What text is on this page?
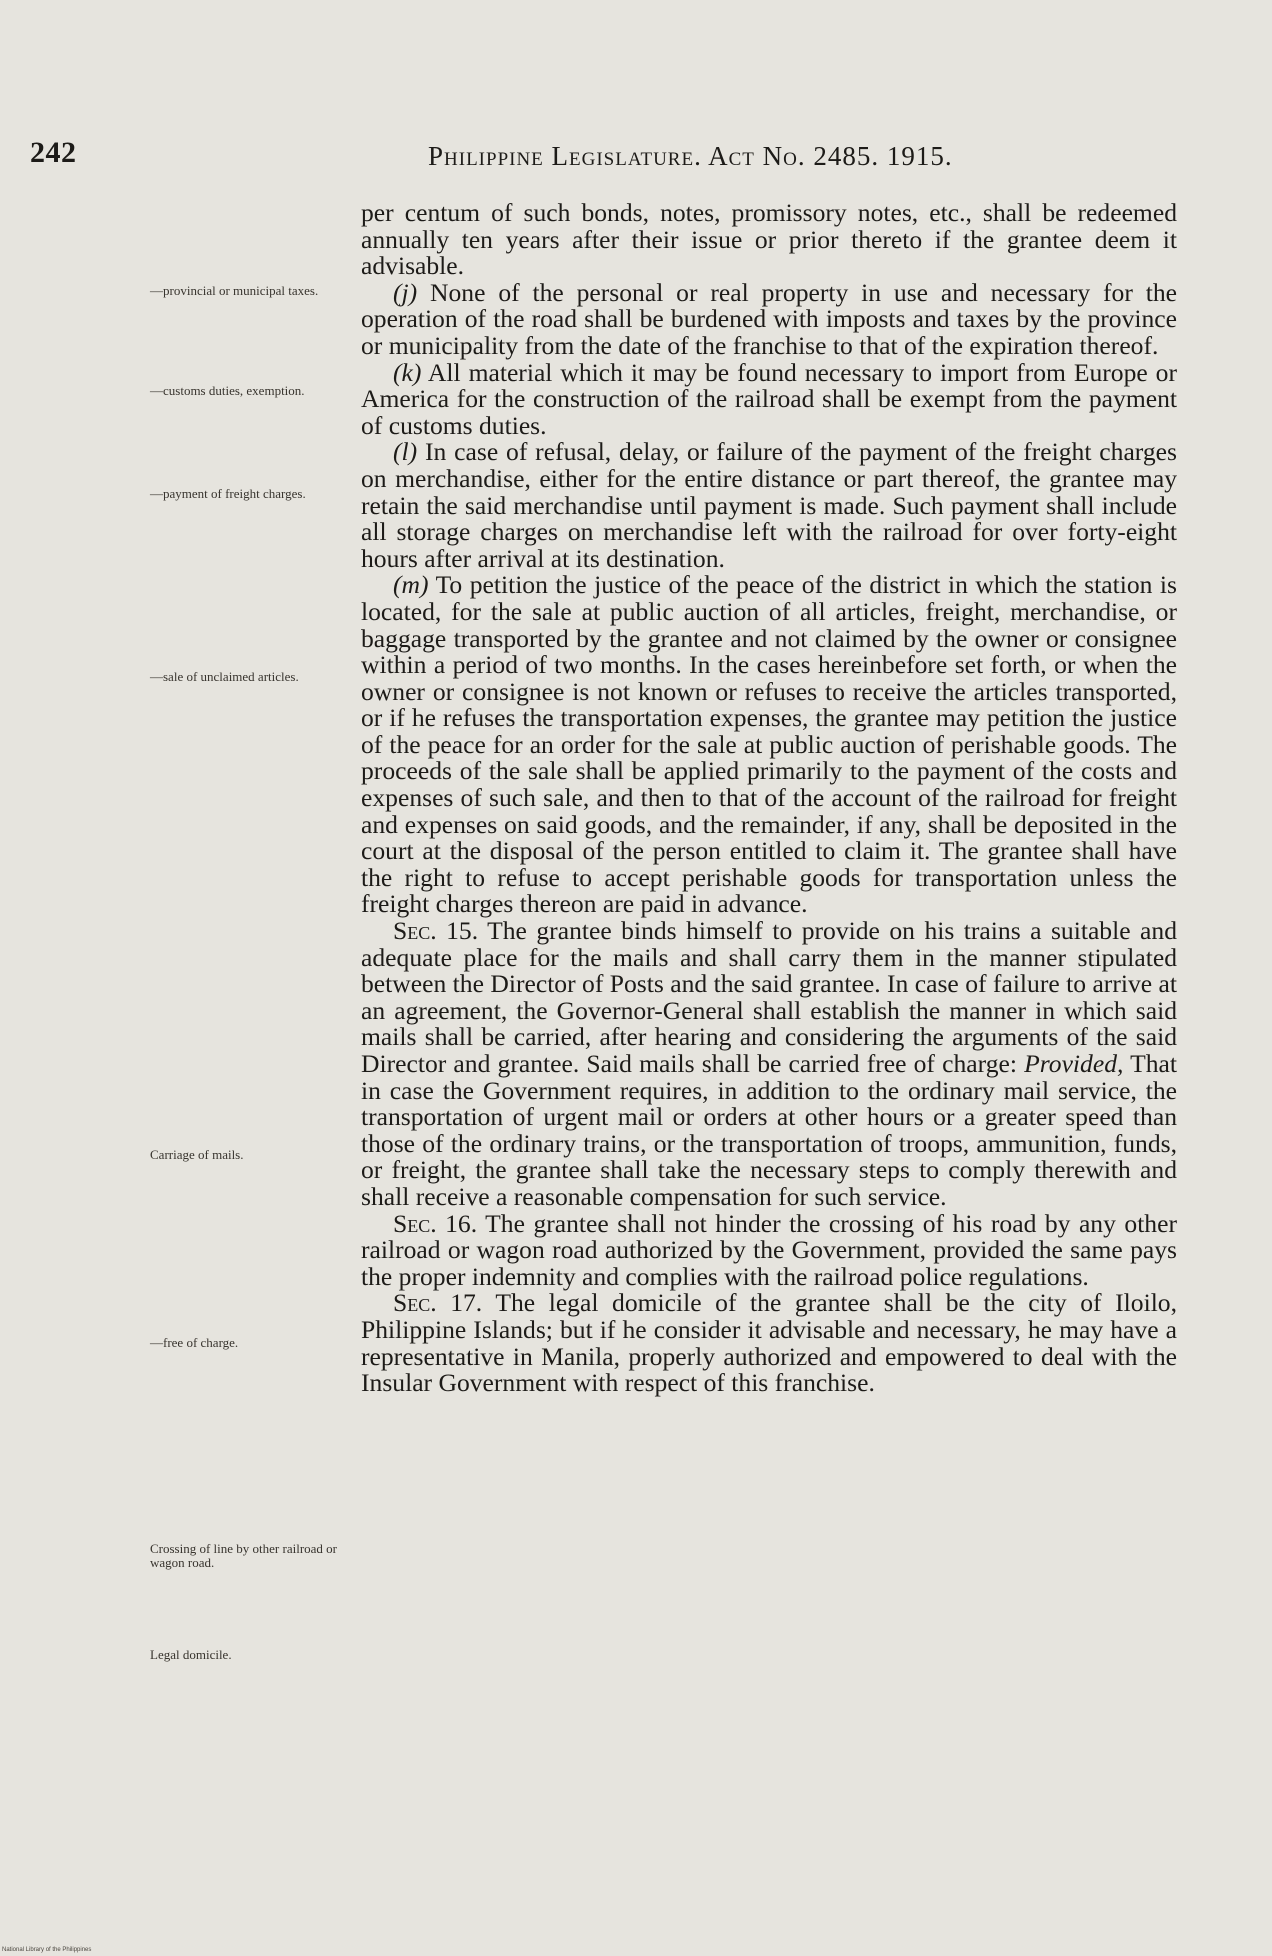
242	Philippine Legislature. Act No. 2485. 1915.
—provincial or municipal taxes.
—customs duties, exemption.
—payment of freight charges.
—sale of unclaimed articles.
Carriage of mails.
—free of charge.
Crossing of line by other railroad or wagon road.
Legal domicile.

per centum of such bonds, notes, promissory notes, etc., shall be redeemed annually ten years after their issue or prior thereto if the grantee deem it advisable.

(j) None of the personal or real property in use and necessary for the operation of the road shall be burdened with imposts and taxes by the province or municipality from the date of the franchise to that of the expiration thereof.

(k) All material which it may be found necessary to import from Europe or America for the construction of the railroad shall be exempt from the payment of customs duties.

(l) In case of refusal, delay, or failure of the payment of the freight charges on merchandise, either for the entire distance or part thereof, the grantee may retain the said merchandise until payment is made. Such payment shall include all storage charges on merchandise left with the railroad for over forty-eight hours after arrival at its destination.

(m) To petition the justice of the peace of the district in which the station is located, for the sale at public auction of all articles, freight, merchandise, or baggage transported by the grantee and not claimed by the owner or consignee within a period of two months. In the cases hereinbefore set forth, or when the owner or consignee is not known or refuses to receive the articles transported, or if he refuses the transportation expenses, the grantee may petition the justice of the peace for an order for the sale at public auction of perishable goods. The proceeds of the sale shall be applied primarily to the payment of the costs and expenses of such sale, and then to that of the account of the railroad for freight and expenses on said goods, and the remainder, if any, shall be deposited in the court at the disposal of the person entitled to claim it. The grantee shall have the right to refuse to accept perishable goods for transportation unless the freight charges thereon are paid in advance.

Sec. 15. The grantee binds himself to provide on his trains a suitable and adequate place for the mails and shall carry them in the manner stipulated between the Director of Posts and the said grantee. In case of failure to arrive at an agreement, the Governor-General shall establish the manner in which said mails shall be carried, after hearing and considering the arguments of the said Director and grantee. Said mails shall be carried free of charge: Provided, That in case the Government requires, in addition to the ordinary mail service, the transportation of urgent mail or orders at other hours or a greater speed than those of the ordinary trains, or the transportation of troops, ammunition, funds, or freight, the grantee shall take the necessary steps to comply therewith and shall receive a reasonable compensation for such service.

Sec. 16. The grantee shall not hinder the crossing of his road by any other railroad or wagon road authorized by the Government, provided the same pays the proper indemnity and complies with the railroad police regulations.

Sec. 17. The legal domicile of the grantee shall be the city of Iloilo, Philippine Islands; but if he consider it advisable and necessary, he may have a representative in Manila, properly authorized and empowered to deal with the Insular Government with respect of this franchise.

National Library of the Philippines
